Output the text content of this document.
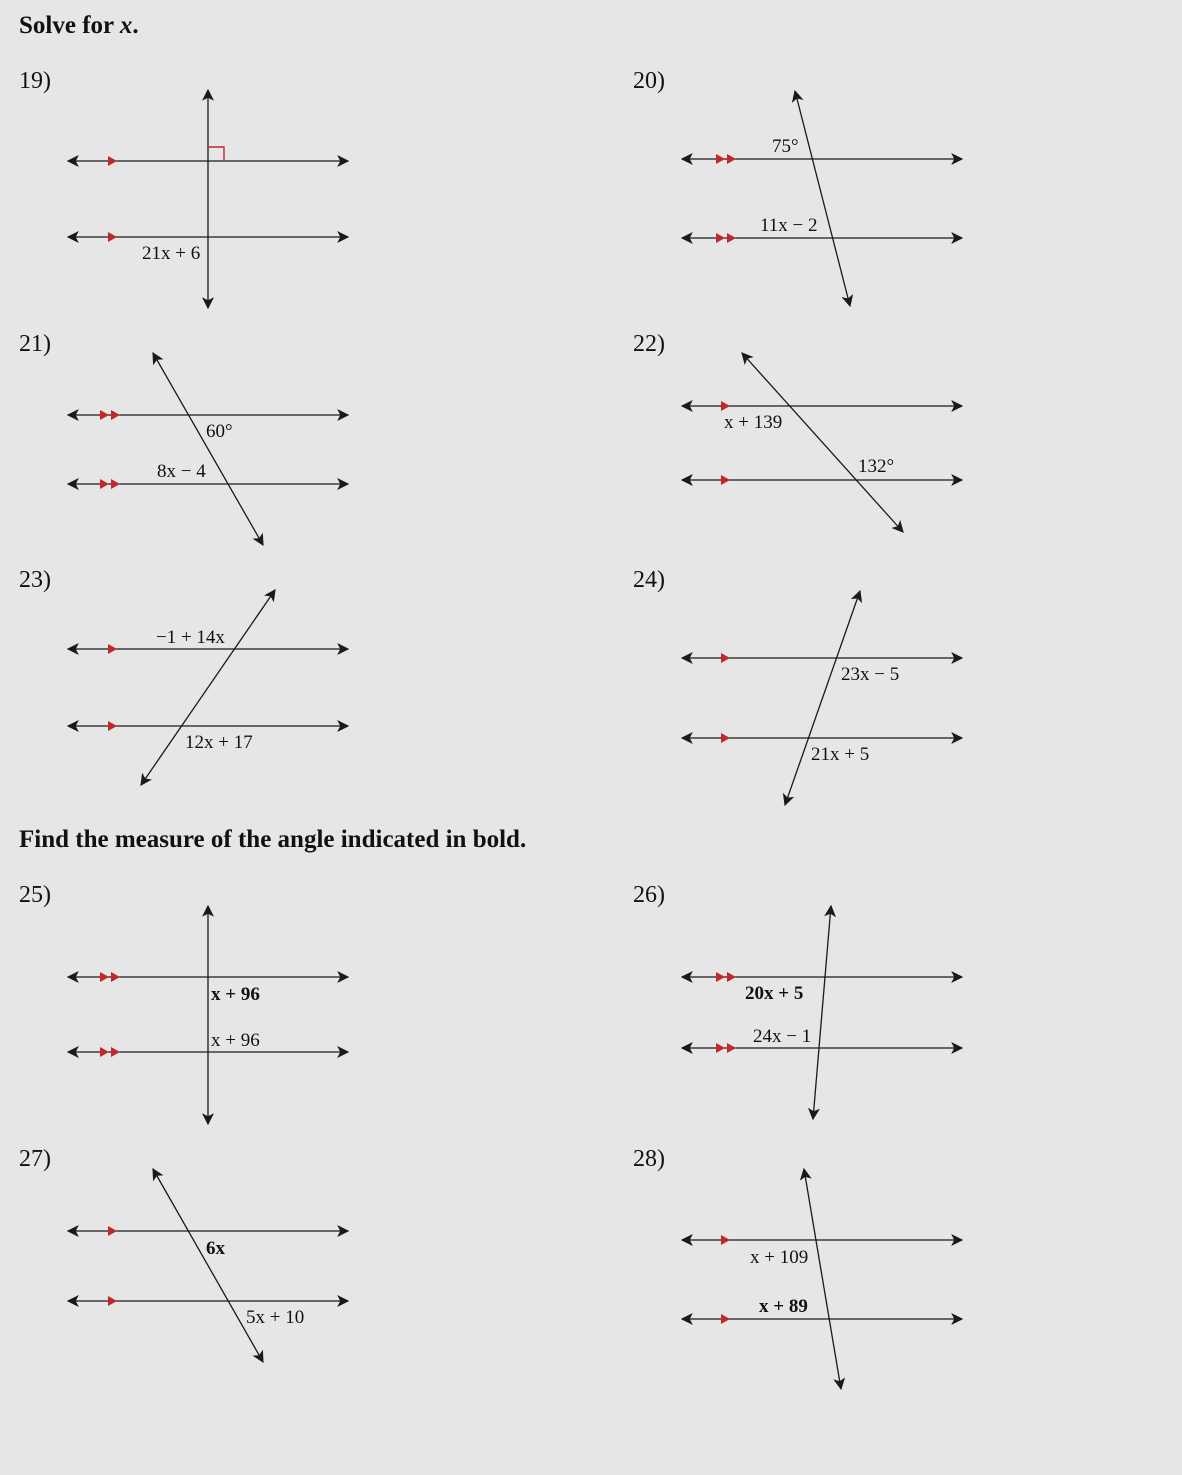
Solve for x.
Find the measure of the angle indicated in bold.
19)	20)
21)	22)
23)	24)
25)	26)
27)	28)
21x + 6
75°
11x − 2
60°
8x − 4
x + 139
132°
−1 + 14x
12x + 17
23x − 5
21x + 5
x + 96
x + 96
20x + 5
24x − 1
6x
5x + 10
x + 109
x + 89
